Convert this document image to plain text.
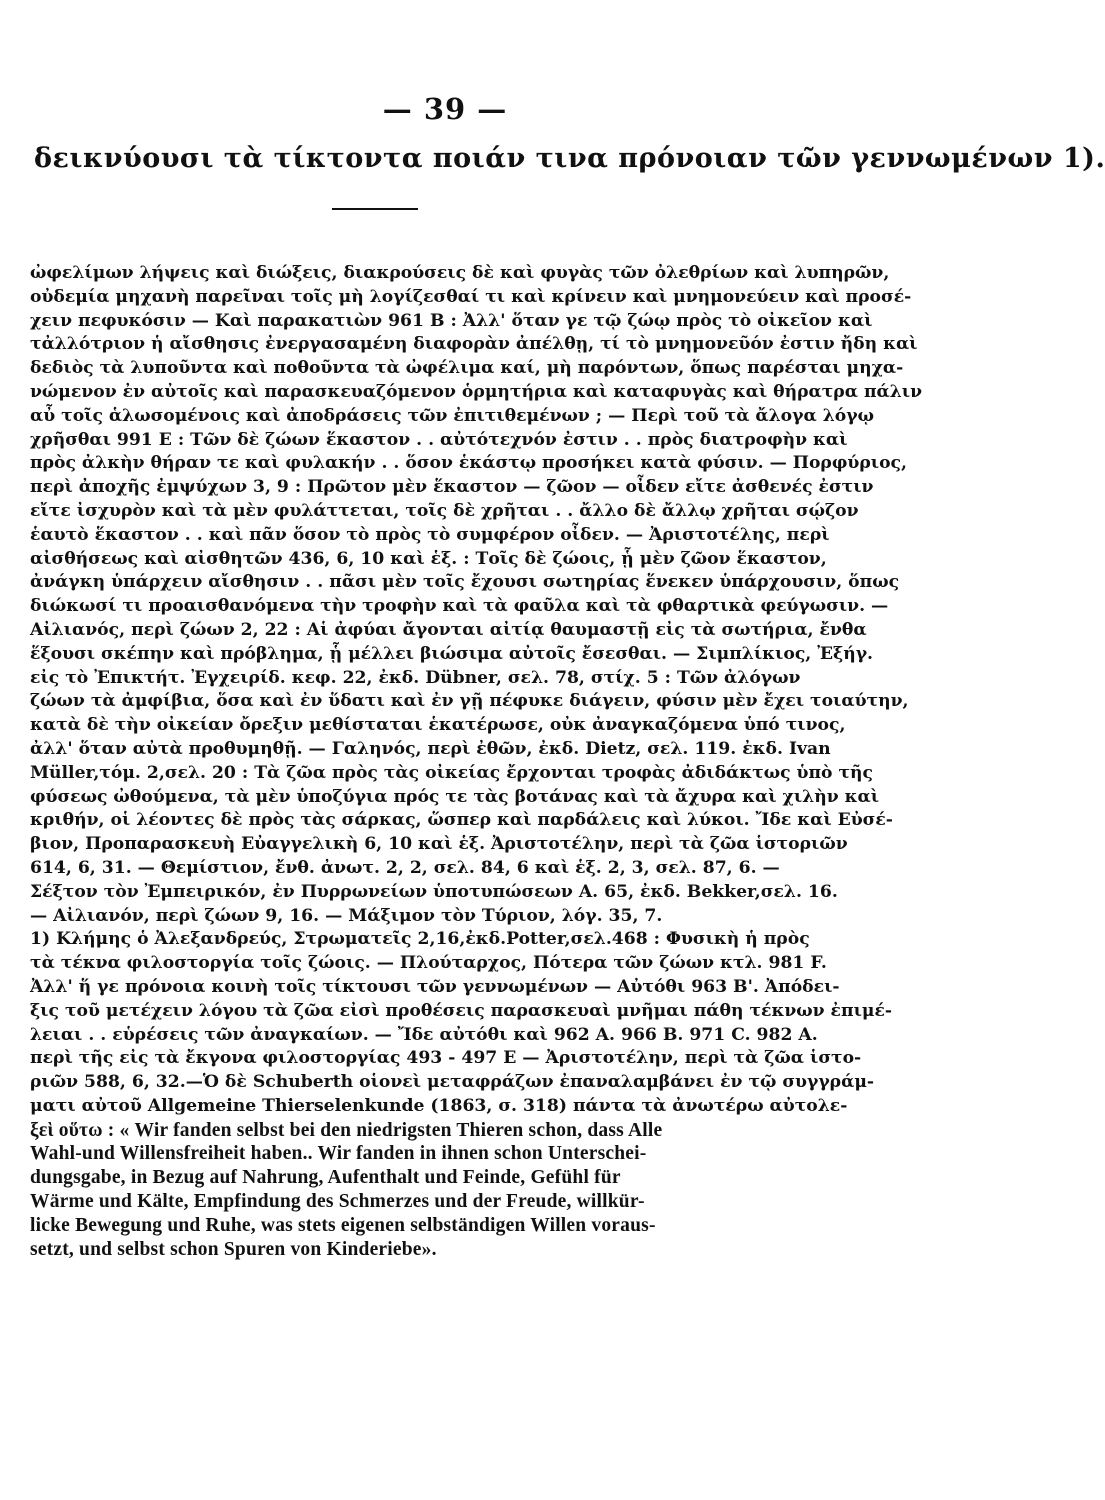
— 39 —
δεικνύουσι τὰ τίκτοντα ποιάν τινα πρόνοιαν τῶν γεννωμένων 1).
ὠφελίμων λήψεις καὶ διώξεις, διακρούσεις δὲ καὶ φυγὰς τῶν ὀλεθρίων καὶ λυπηρῶν,
οὐδεμία μηχανὴ παρεῖναι τοῖς μὴ λογίζεσθαί τι καὶ κρίνειν καὶ μνημονεύειν καὶ προσέ-
χειν πεφυκόσιν — Καὶ παρακατιὼν 961 Β : Ἀλλ' ὅταν γε τῷ ζώῳ πρὸς τὸ οἰκεῖον καὶ
τἀλλότριον ἡ αἴσθησις ἐνεργασαμένη διαφορὰν ἀπέλθῃ, τί τὸ μνημονεῦόν ἐστιν ἤδη καὶ
δεδιὸς τὰ λυποῦντα καὶ ποθοῦντα τὰ ὠφέλιμα καί, μὴ παρόντων, ὅπως παρέσται μηχα-
νώμενον ἐν αὐτοῖς καὶ παρασκευαζόμενον ὁρμητήρια καὶ καταφυγὰς καὶ θήρατρα πάλιν
αὖ τοῖς ἁλωσομένοις καὶ ἀποδράσεις τῶν ἐπιτιθεμένων ; — Περὶ τοῦ τὰ ἄλογα λόγῳ
χρῆσθαι 991 Ε : Τῶν δὲ ζώων ἕκαστον . . αὐτότεχνόν ἐστιν . . πρὸς διατροφὴν καὶ
πρὸς ἀλκὴν θήραν τε καὶ φυλακήν . . ὅσον ἑκάστῳ προσήκει κατὰ φύσιν. — Πορφύριος,
περὶ ἀποχῆς ἐμψύχων 3, 9 : Πρῶτον μὲν ἕκαστον — ζῶον — οἶδεν εἴτε ἀσθενές ἐστιν
εἴτε ἰσχυρὸν καὶ τὰ μὲν φυλάττεται, τοῖς δὲ χρῆται . . ἄλλο δὲ ἄλλῳ χρῆται σῴζον
ἑαυτὸ ἕκαστον . . καὶ πᾶν ὅσον τὸ πρὸς τὸ συμφέρον οἶδεν. — Ἀριστοτέλης, περὶ
αἰσθήσεως καὶ αἰσθητῶν 436, 6, 10 καὶ ἑξ. : Τοῖς δὲ ζώοις, ᾗ μὲν ζῶον ἕκαστον,
ἀνάγκη ὑπάρχειν αἴσθησιν . . πᾶσι μὲν τοῖς ἔχουσι σωτηρίας ἕνεκεν ὑπάρχουσιν, ὅπως
διώκωσί τι προαισθανόμενα τὴν τροφὴν καὶ τὰ φαῦλα καὶ τὰ φθαρτικὰ φεύγωσιν. —
Αἰλιανός, περὶ ζώων 2, 22 : Αἱ ἀφύαι ἄγονται αἰτίᾳ θαυμαστῇ εἰς τὰ σωτήρια, ἔνθα
ἕξουσι σκέπην καὶ πρόβλημα, ᾗ μέλλει βιώσιμα αὐτοῖς ἔσεσθαι. — Σιμπλίκιος, Ἐξήγ.
εἰς τὸ Ἐπικτήτ. Ἐγχειρίδ. κεφ. 22, ἐκδ. Dübner, σελ. 78, στίχ. 5 : Τῶν ἀλόγων
ζώων τὰ ἀμφίβια, ὅσα καὶ ἐν ὕδατι καὶ ἐν γῇ πέφυκε διάγειν, φύσιν μὲν ἔχει τοιαύτην,
κατὰ δὲ τὴν οἰκείαν ὄρεξιν μεθίσταται ἑκατέρωσε, οὐκ ἀναγκαζόμενα ὑπό τινος,
ἀλλ' ὅταν αὐτὰ προθυμηθῇ. — Γαληνός, περὶ ἐθῶν, ἐκδ. Dietz, σελ. 119. ἐκδ. Ivan
Müller,τόμ. 2,σελ. 20 : Τὰ ζῶα πρὸς τὰς οἰκείας ἔρχονται τροφὰς ἀδιδάκτως ὑπὸ τῆς
φύσεως ὠθούμενα, τὰ μὲν ὑποζύγια πρός τε τὰς βοτάνας καὶ τὰ ἄχυρα καὶ χιλὴν καὶ
κριθήν, οἱ λέοντες δὲ πρὸς τὰς σάρκας, ὥσπερ καὶ παρδάλεις καὶ λύκοι. Ἴδε καὶ Εὐσέ-
βιον, Προπαρασκευὴ Εὐαγγελικὴ 6, 10 καὶ ἑξ. Ἀριστοτέλην, περὶ τὰ ζῶα ἱστοριῶν
614, 6, 31. — Θεμίστιον, ἔνθ. ἀνωτ. 2, 2, σελ. 84, 6 καὶ ἑξ. 2, 3, σελ. 87, 6. —
Σέξτον τὸν Ἐμπειρικόν, ἐν Πυρρωνείων ὑποτυπώσεων Α. 65, ἐκδ. Bekker,σελ. 16.
— Αἰλιανόν, περὶ ζώων 9, 16. — Μάξιμον τὸν Τύριον, λόγ. 35, 7.
1) Κλήμης ὁ Ἀλεξανδρεύς, Στρωματεῖς 2,16,ἐκδ.Potter,σελ.468 : Φυσικὴ ἡ πρὸς
τὰ τέκνα φιλοστοργία τοῖς ζώοις. — Πλούταρχος, Πότερα τῶν ζώων κτλ. 981 F.
Ἀλλ' ἥ γε πρόνοια κοινὴ τοῖς τίκτουσι τῶν γεννωμένων — Αὐτόθι 963 Β'. Ἀπόδει-
ξις τοῦ μετέχειν λόγου τὰ ζῶα εἰσὶ προθέσεις παρασκευαὶ μνῆμαι πάθη τέκνων ἐπιμέ-
λειαι . . εὑρέσεις τῶν ἀναγκαίων. — Ἴδε αὐτόθι καὶ 962 Α. 966 Β. 971 C. 982 Α.
περὶ τῆς εἰς τὰ ἔκγονα φιλοστοργίας 493 - 497 Ε — Ἀριστοτέλην, περὶ τὰ ζῶα ἱστο-
ριῶν 588, 6, 32.—Ὁ δὲ Schuberth οἱονεὶ μεταφράζων ἐπαναλαμβάνει ἐν τῷ συγγράμ-
ματι αὐτοῦ Allgemeine Thierselenkunde (1863, σ. 318) πάντα τὰ ἀνωτέρω αὐτολε-
ξεὶ οὕτω : « Wir fanden selbst bei den niedrigsten Thieren schon, dass Alle
Wahl-und Willensfreiheit haben.. Wir fanden in ihnen schon Unterschei-
dungsgabe, in Bezug auf Nahrung, Aufenthalt und Feinde, Gefühl für
Wärme und Kälte, Empfindung des Schmerzes und der Freude, willkür-
licke Bewegung und Ruhe, was stets eigenen selbständigen Willen voraus-
setzt, und selbst schon Spuren von Kinderiebe».
